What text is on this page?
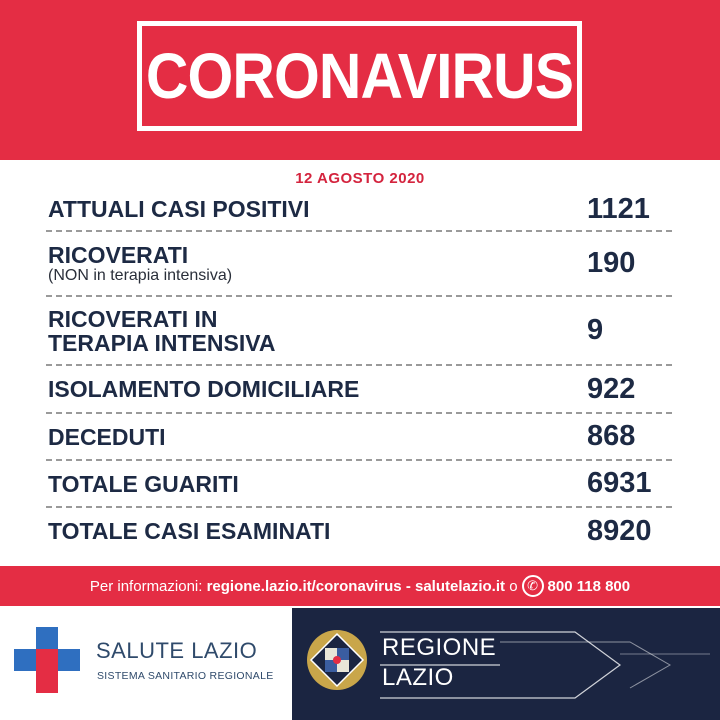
CORONAVIRUS
12 AGOSTO 2020
ATTUALI CASI POSITIVI	1121
RICOVERATI
(NON in terapia intensiva)	190
RICOVERATI IN
TERAPIA INTENSIVA	9
ISOLAMENTO DOMICILIARE	922
DECEDUTI	868
TOTALE GUARITI	6931
TOTALE CASI ESAMINATI	8920
Per informazioni:
regione.lazio.it/coronavirus
-
salutelazio.it
o ✆ 800 118 800
SALUTE LAZIO
SISTEMA SANITARIO REGIONALE
REGIONE
LAZIO
